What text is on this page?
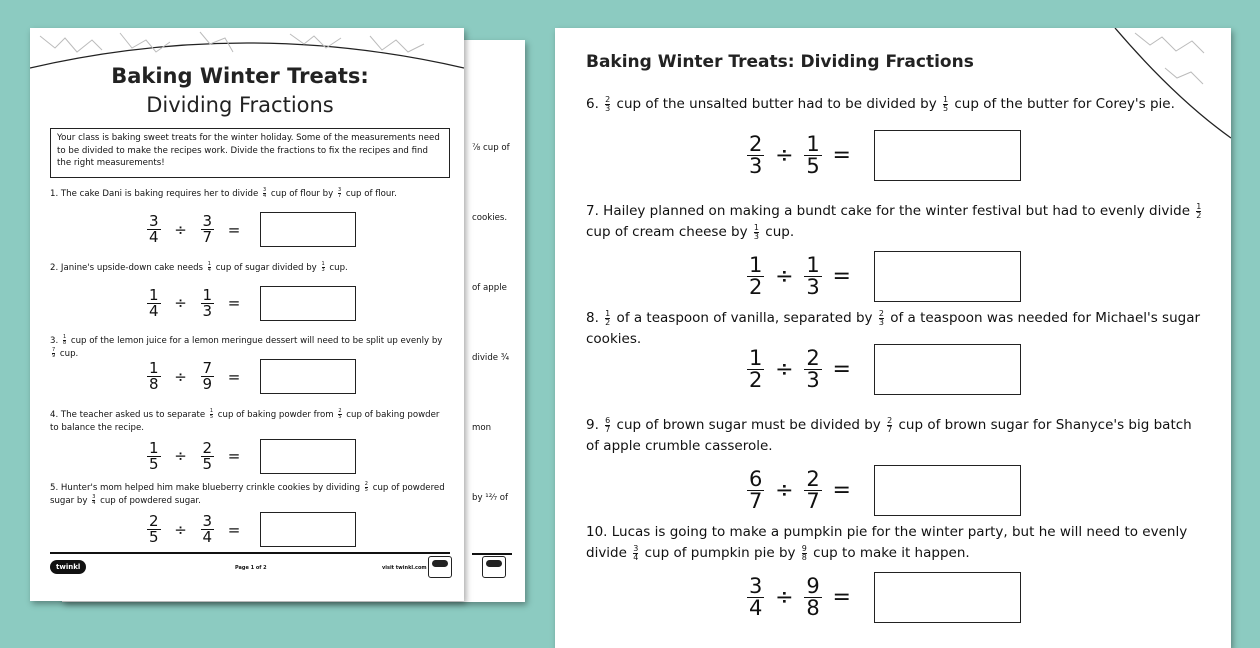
⅞ cup of
cookies.
of apple
divide ¾
mon
by ¹²⁄₇ of
Baking Winter Treats:
Dividing Fractions
Your class is baking sweet treats for the winter holiday. Some of the measurements need to be divided to make the recipes work. Divide the fractions to fix the recipes and find the right measurements!
1. The cake Dani is baking requires her to divide $\frac{3}{4}$ cup of flour by $\frac{3}{7}$ cup of flour.
$\frac{3}{4} \div \frac{3}{7}$ =
2. Janine's upside-down cake needs $\frac{1}{4}$ cup of sugar divided by $\frac{1}{3}$ cup.
$\frac{1}{4} \div \frac{1}{3}$ =
3. $\frac{1}{8}$ cup of the lemon juice for a lemon meringue dessert will need to be split up evenly by
$\frac{7}{9}$ cup.
$\frac{1}{8} \div \frac{7}{9}$ =
4. The teacher asked us to separate $\frac{1}{5}$ cup of baking powder from $\frac{2}{5}$ cup of baking powder to balance the recipe.
$\frac{1}{5} \div \frac{2}{5}$ =
5. Hunter's mom helped him make blueberry crinkle cookies by dividing $\frac{2}{5}$ cup of powdered sugar by $\frac{3}{4}$ cup of powdered sugar.
$\frac{2}{5} \div \frac{3}{4}$ =
twinkl	Page 1 of 2	visit twinkl.com
Baking Winter Treats: Dividing Fractions
6. $\frac{2}{3}$ cup of the unsalted butter had to be divided by $\frac{1}{5}$ cup of the butter for Corey's pie.
$\frac{2}{3} \div \frac{1}{5}$ =
7. Hailey planned on making a bundt cake for the winter festival but had to evenly divide $\frac{1}{2}$
cup of cream cheese by $\frac{1}{3}$ cup.
$\frac{1}{2} \div \frac{1}{3}$ =
8. $\frac{1}{2}$ of a teaspoon of vanilla, separated by $\frac{2}{3}$ of a teaspoon was needed for Michael's sugar cookies.
$\frac{1}{2} \div \frac{2}{3}$ =
9. $\frac{6}{7}$ cup of brown sugar must be divided by $\frac{2}{7}$ cup of brown sugar for Shanyce's big batch of apple crumble casserole.
$\frac{6}{7} \div \frac{2}{7}$ =
10. Lucas is going to make a pumpkin pie for the winter party, but he will need to evenly divide $\frac{3}{4}$ cup of pumpkin pie by $\frac{9}{8}$ cup to make it happen.
$\frac{3}{4} \div \frac{9}{8}$ =
